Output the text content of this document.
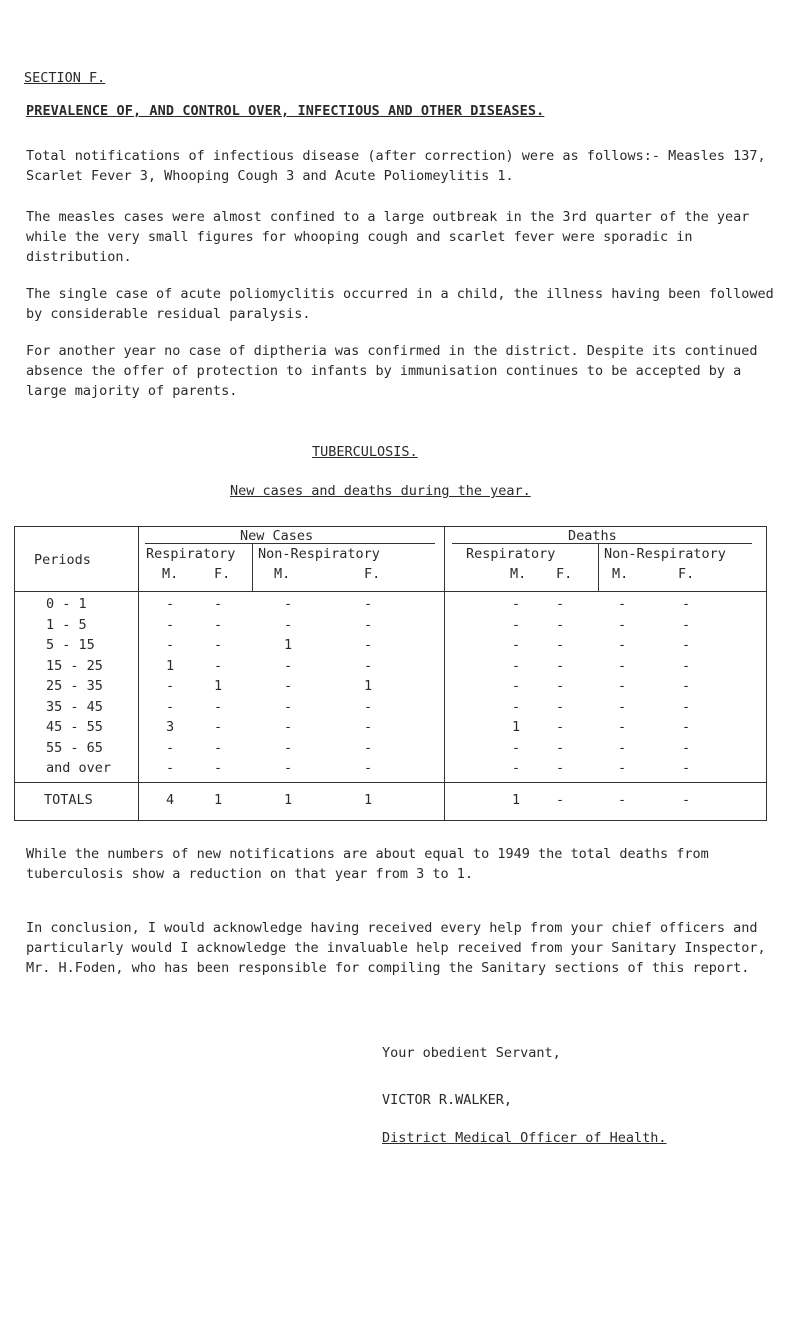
SECTION F.
PREVALENCE OF, AND CONTROL OVER, INFECTIOUS AND OTHER DISEASES.
Total notifications of infectious disease (after correction) were as follows:- Measles 137, Scarlet Fever 3, Whooping Cough 3 and Acute Poliomeylitis 1.
The measles cases were almost confined to a large outbreak in the 3rd quarter of the year while the very small figures for whooping cough and scarlet fever were sporadic in distribution.
The single case of acute poliomyclitis occurred in a child, the illness having been followed by considerable residual paralysis.
For another year no case of diptheria was confirmed in the district. Despite its continued absence the offer of protection to infants by immunisation continues to be accepted by a large majority of parents.
TUBERCULOSIS.
New cases and deaths during the year.
Periods
New Cases	Deaths
Respiratory Non-Respiratory	Respiratory	Non-Respiratory
M.	F.	M.	F.	M. F.	M.	F.
0 - 1	-	-	-	-	-	-	-	-
1 - 5	-	-	-	-	-	-	-	-
5 - 15	-	-	1	-	-	-	-	-
15 - 25	1	-	-	-	-	-	-	-
25 - 35	-	1	-	1	-	-	-	-
35 - 45	-	-	-	-	-	-	-	-
45 - 55	3	-	-	-	1	-	-	-
55 - 65	-	-	-	-	-	-	-	-
and over	-	-	-	-	-	-	-	-
TOTALS	4	1	1	1	1	-	-	-
While the numbers of new notifications are about equal to 1949 the total deaths from tuberculosis show a reduction on that year from 3 to 1.
In conclusion, I would acknowledge having received every help from your chief officers and particularly would I acknowledge the invaluable help received from your Sanitary Inspector, Mr. H.Foden, who has been responsible for compiling the Sanitary sections of this report.
Your obedient Servant,
VICTOR R.WALKER,
District Medical Officer of Health.
